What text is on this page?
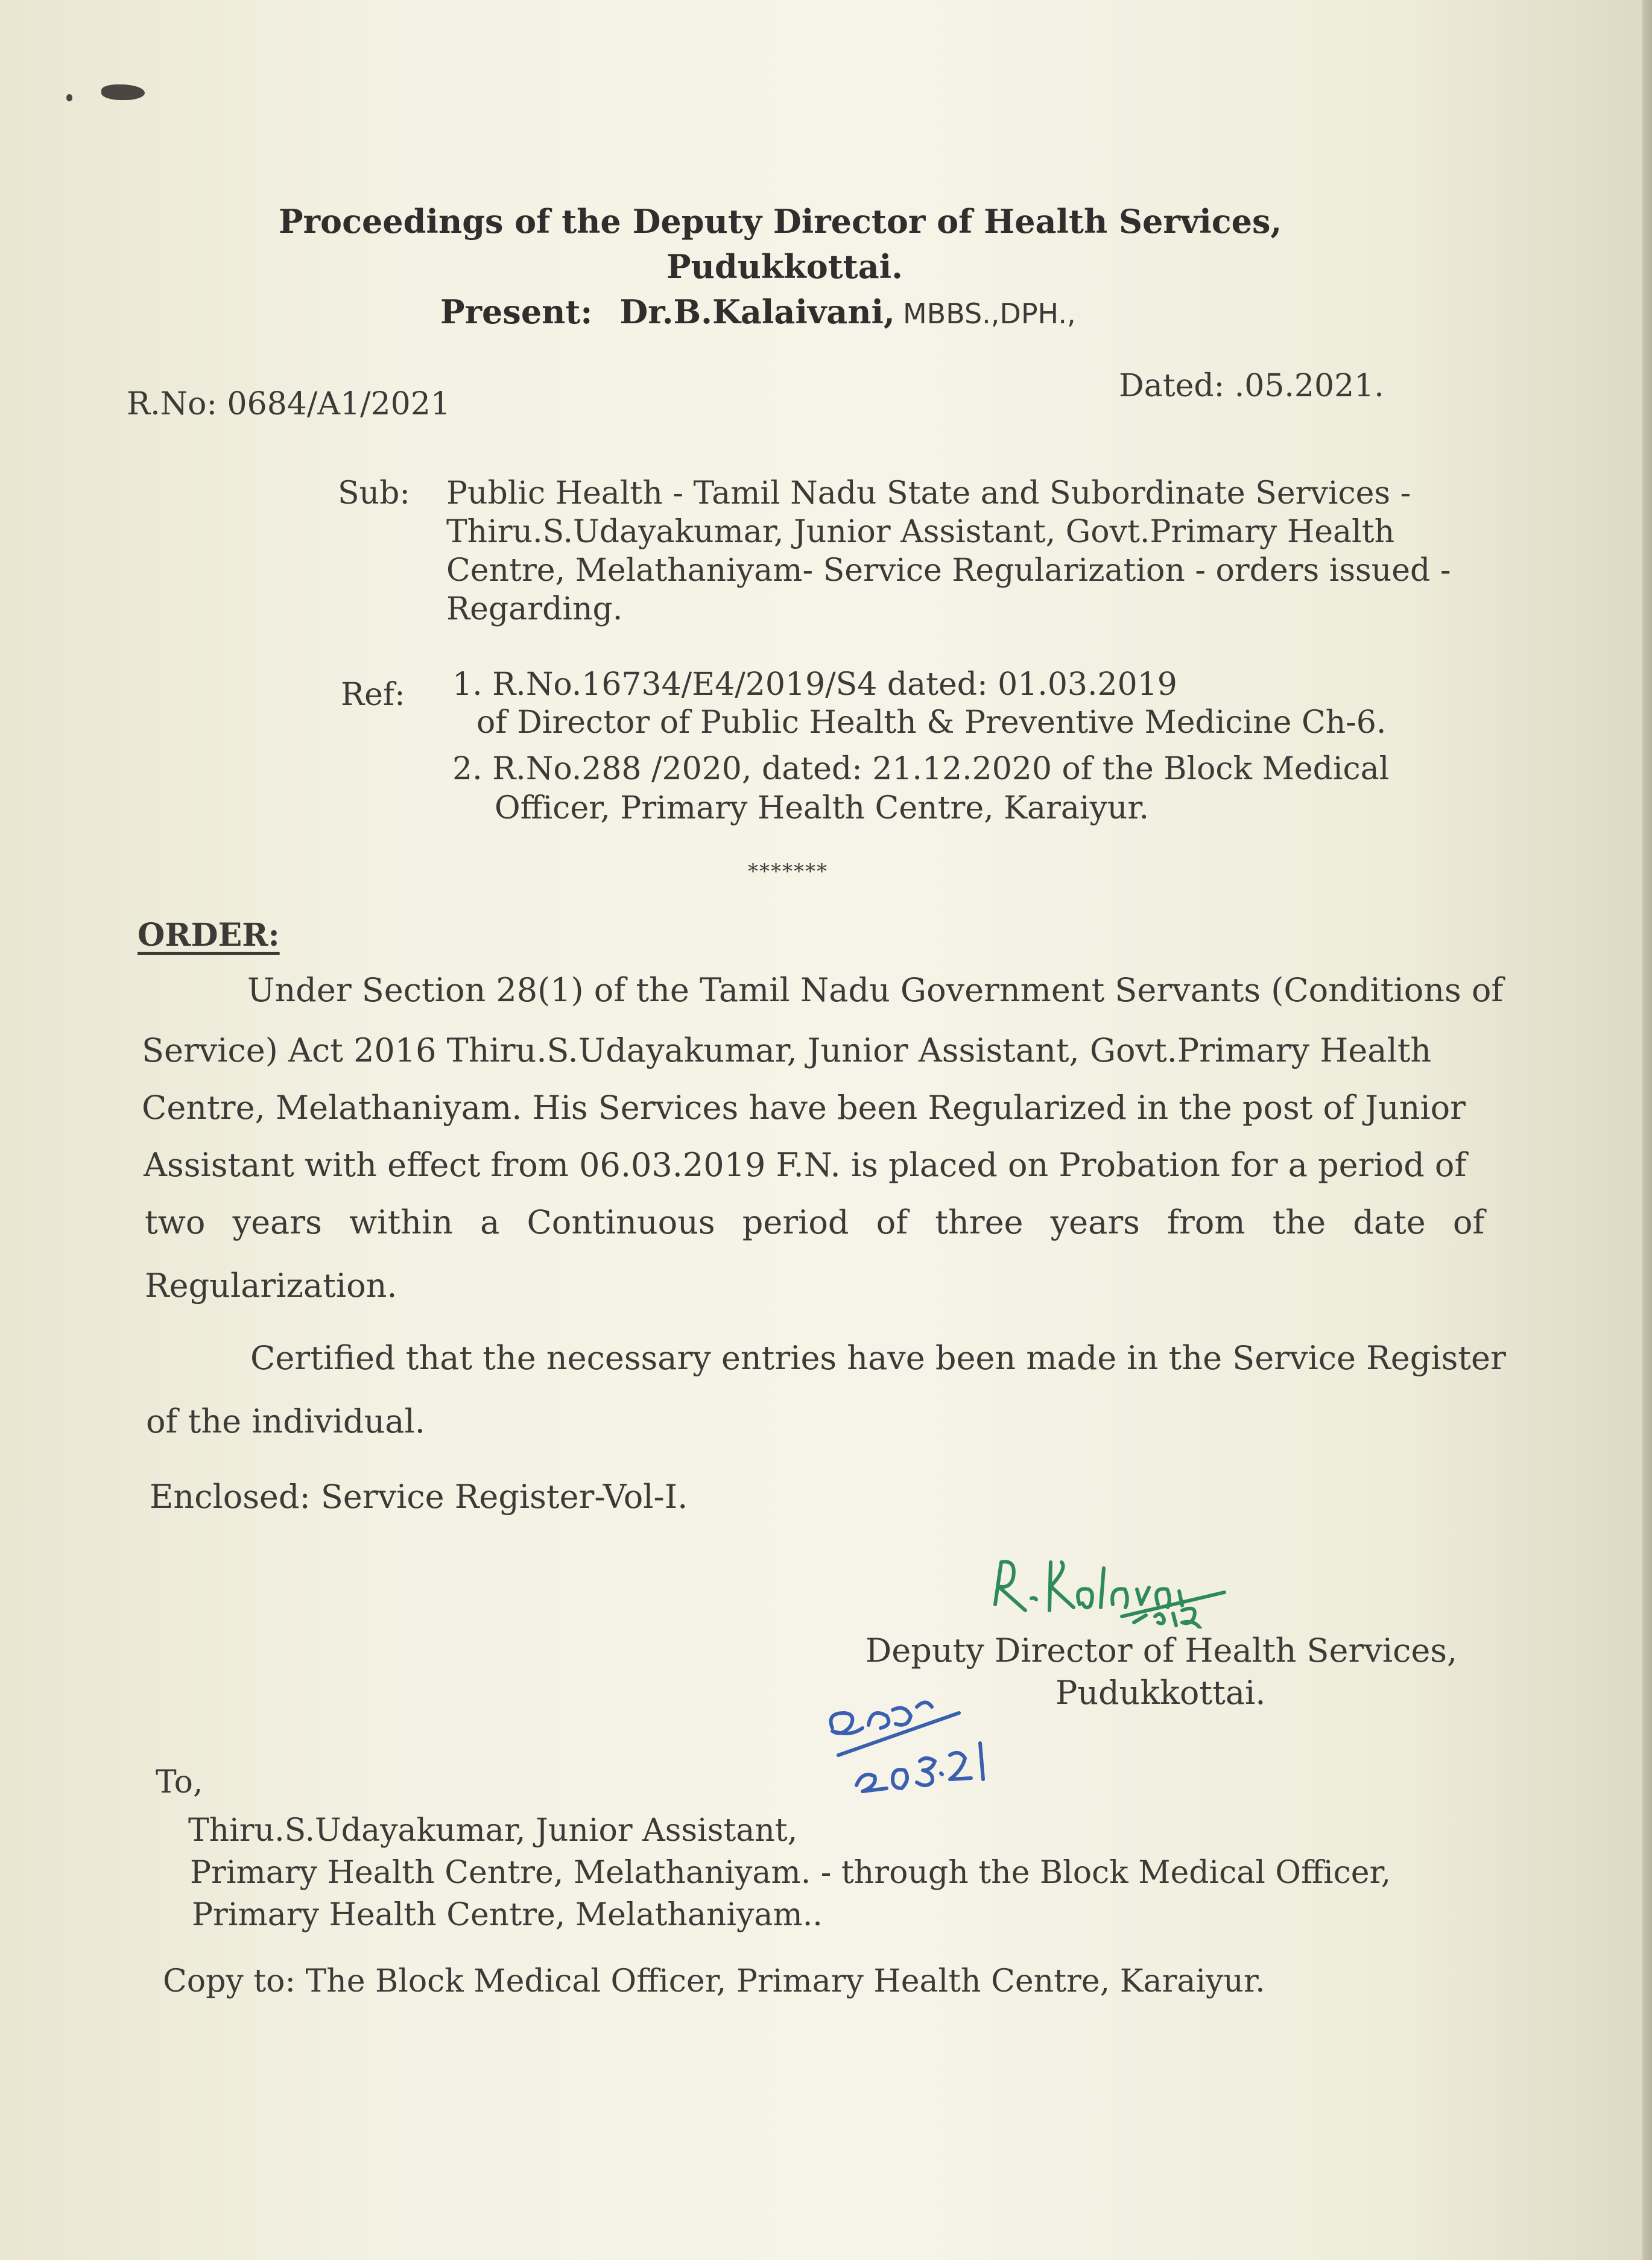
Proceedings of the Deputy Director of Health Services,
Pudukkottai.
Present: Dr.B.Kalaivani, MBBS.,DPH.,
R.No: 0684/A1/2021	Dated: .05.2021.
Sub: Public Health - Tamil Nadu State and Subordinate Services -
Thiru.S.Udayakumar, Junior Assistant, Govt.Primary Health
Centre, Melathaniyam- Service Regularization - orders issued -
Regarding.
Ref: 1. R.No.16734/E4/2019/S4 dated: 01.03.2019
of Director of Public Health & Preventive Medicine Ch-6.
2. R.No.288 /2020, dated: 21.12.2020 of the Block Medical
Officer, Primary Health Centre, Karaiyur.
*******
ORDER:
Under Section 28(1) of the Tamil Nadu Government Servants (Conditions of
Service) Act 2016 Thiru.S.Udayakumar, Junior Assistant, Govt.Primary Health
Centre, Melathaniyam. His Services have been Regularized in the post of Junior
Assistant with effect from 06.03.2019 F.N. is placed on Probation for a period of
two years within a Continuous period of three years from the date of
Regularization.
Certified that the necessary entries have been made in the Service Register
of the individual.
Enclosed: Service Register-Vol-I.
Deputy Director of Health Services,
Pudukkottai.
To,
Thiru.S.Udayakumar, Junior Assistant,
Primary Health Centre, Melathaniyam. - through the Block Medical Officer,
Primary Health Centre, Melathaniyam..
Copy to: The Block Medical Officer, Primary Health Centre, Karaiyur.
